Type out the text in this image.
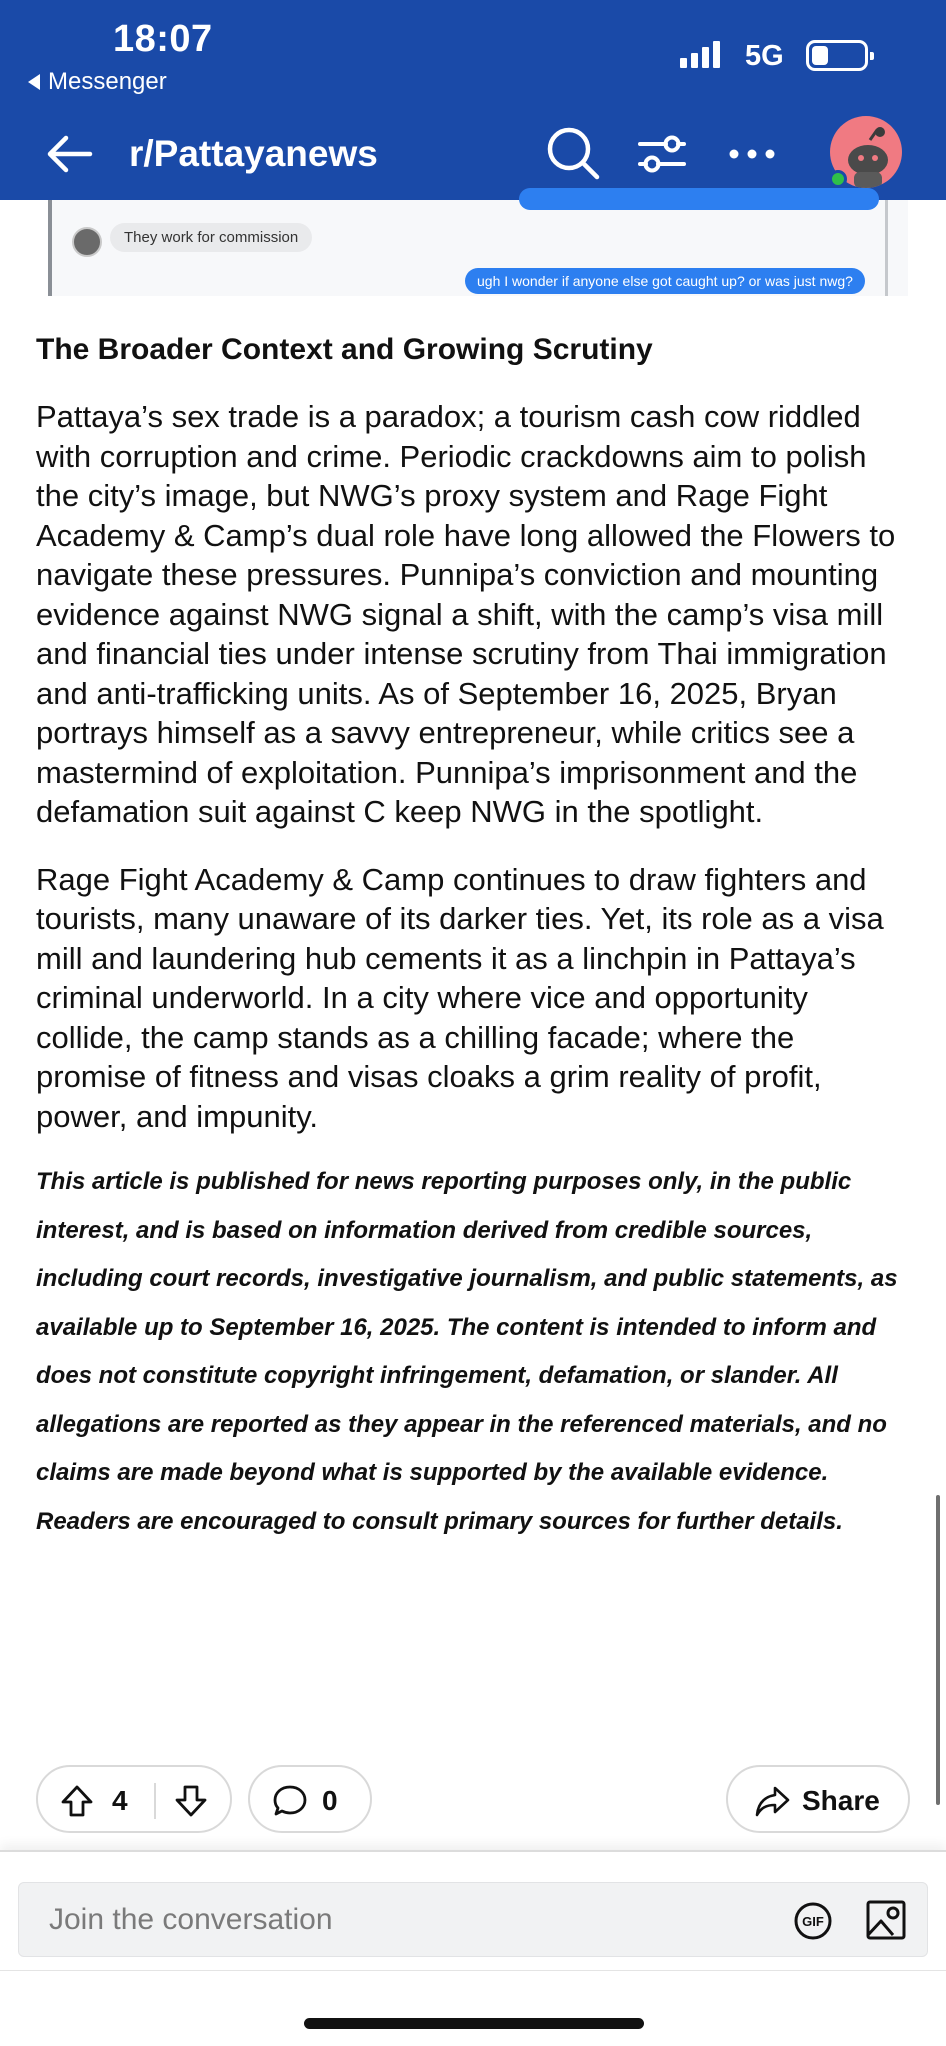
18:07
Messenger
5G
r/Pattayanews
They work for commission
ugh I wonder if anyone else got caught up? or was just nwg?
The Broader Context and Growing Scrutiny

Pattaya’s sex trade is a paradox; a tourism cash cow riddled with corruption and crime. Periodic crackdowns aim to polish the city’s image, but NWG’s proxy system and Rage Fight Academy & Camp’s dual role have long allowed the Flowers to navigate these pressures. Punnipa’s conviction and mounting evidence against NWG signal a shift, with the camp’s visa mill and financial ties under intense scrutiny from Thai immigration and anti-trafficking units. As of September 16, 2025, Bryan portrays himself as a savvy entrepreneur, while critics see a mastermind of exploitation. Punnipa’s imprisonment and the defamation suit against C keep NWG in the spotlight.

Rage Fight Academy & Camp continues to draw fighters and tourists, many unaware of its darker ties. Yet, its role as a visa mill and laundering hub cements it as a linchpin in Pattaya’s criminal underworld. In a city where vice and opportunity collide, the camp stands as a chilling facade; where the promise of fitness and visas cloaks a grim reality of profit, power, and impunity.

This article is published for news reporting purposes only, in the public interest, and is based on information derived from credible sources, including court records, investigative journalism, and public statements, as available up to September 16, 2025. The content is intended to inform and does not constitute copyright infringement, defamation, or slander. All allegations are reported as they appear in the referenced materials, and no claims are made beyond what is supported by the available evidence. Readers are encouraged to consult primary sources for further details.

4	0	Share
Join the conversation	GIF
